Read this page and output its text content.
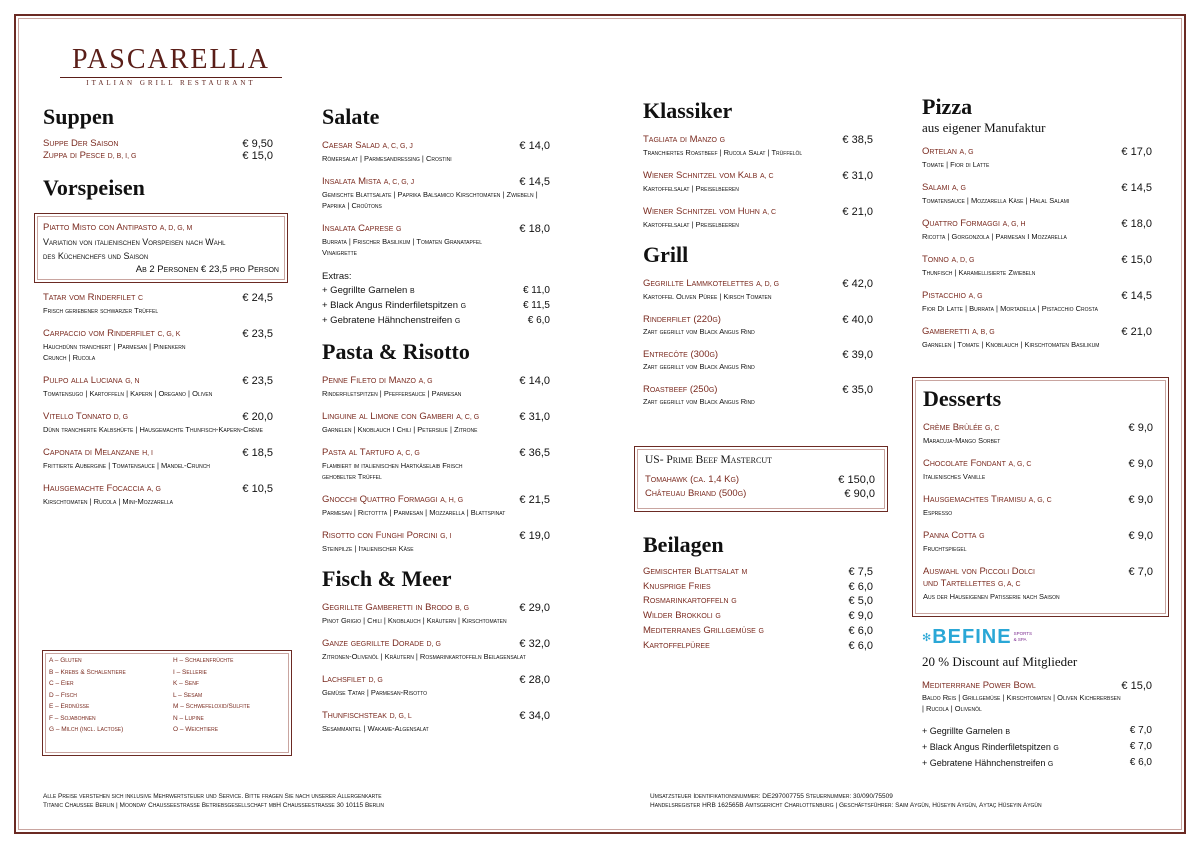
PASCARELLA
ITALIAN GRILL RESTAURANT
Suppen
Suppe Der Saison	€ 9,50
Zuppa di Pesce D, B, I, G	€ 15,0
Vorspeisen
Piatto Misto con Antipasto A, D, G, M
Variation von italienischen Vorspeisen nach Wahl
des Küchenchefs und Saison
Ab 2 Personen € 23,5 pro Person
Tatar vom Rinderfilet C	€ 24,5
Frisch geriebener schwarzer Trüffel
Carpaccio vom Rinderfilet C, G, K	€ 23,5
Hauchdünn tranchiert | Parmesan | Pinienkern Crunch | Rucola
Pulpo alla Luciana G, N	€ 23,5
Tomatensugo | Kartoffeln | Kapern | Oregano | Oliven
Vitello Tonnato D, G	€ 20,0
Dünn tranchierte Kalbshüfte | Hausgemachte Thunfisch-Kapern-Crème
Caponata di Melanzane H, I	€ 18,5
Frittierte Aubergine | Tomatensauce | Mandel-Crunch
Hausgemachte Focaccia A, G	€ 10,5
Kirschtomaten | Rucola | Mini-Mozzarella
A – Gluten
B – Krebs & Schalentiere
C – Eier
D – Fisch
E – Erdnüsse
F – Sojabohnen
G – Milch (incl. Lactose)
H – Schalenfrüchte
I – Sellerie
K – Senf
L – Sesam
M – Schwefeloxid/Sulfite
N – Lupine
O – Weichtiere
Salate
Caesar Salad A, C, G, J	€ 14,0
Römersalat | Parmesandressing | Crostini
Insalata Mista A, C, G, J	€ 14,5
Gemischte Blattsalate | Paprika Balsamico Kirschtomaten | Zwiebeln | Paprika | Croûtons
Insalata Caprese G	€ 18,0
Burrata | Frischer Basilikum | Tomaten Granatapfel Vinaigrette
Extras:
+ Gegrillte Garnelen B	€ 11,0
+ Black Angus Rinderfiletspitzen G	€ 11,5
+ Gebratene Hähnchenstreifen G	€ 6,0
Pasta & Risotto
Penne Fileto di Manzo A, G	€ 14,0
Rinderfiletspitzen | Pfeffersauce | Parmesan
Linguine al Limone con Gamberi A, C, G	€ 31,0
Garnelen | Knoblauch I Chili | Petersilie | Zitrone
Pasta al Tartufo A, C, G	€ 36,5
Flambiert im italienischen Hartkäselaib Frisch gehobelter Trüffel
Gnocchi Quattro Formaggi A, H, G	€ 21,5
Parmesan | Rictottta | Parmesan | Mozzarella | Blattspinat
Risotto con Funghi Porcini G, I	€ 19,0
Steinpilze | Italienischer Käse
Fisch & Meer
Gegrillte Gamberetti in Brodo B, G	€ 29,0
Pinot Grigio | Chili | Knoblauch | Kräutern | Kirschtomaten
Ganze gegrillte Dorade D, G	€ 32,0
Zitronen-Olivenöl | Kräutern | Rosmarinkartoffeln Beilagensalat
Lachsfilet D, G	€ 28,0
Gemüse Tatar | Parmesan-Risotto
Thunfischsteak D, G, L	€ 34,0
Sesammantel | Wakame-Algensalat
Klassiker
Tagliata di Manzo G	€ 38,5
Tranchiertes Roastbeef | Rucola Salat | Trüffelöl
Wiener Schnitzel vom Kalb A, C	€ 31,0
Kartoffelsalat | Preiselbeeren
Wiener Schnitzel vom Huhn A, C	€ 21,0
Kartoffelsalat | Preiselbeeren
Grill
Gegrillte Lammkotelettes A, D, G	€ 42,0
Kartoffel Oliven Püree | Kirsch Tomaten
Rinderfilet (220g)	€ 40,0
Zart gegrillt vom Black Angus Rind
Entrecôte (300g)	€ 39,0
Zart gegrillt vom Black Angus Rind
Roastbeef (250g)	€ 35,0
Zart gegrillt vom Black Angus Rind
US- Prime Beef Mastercut
Tomahawk (ca. 1,4 Kg)	€ 150,0
Châteuau Briand (500g)	€ 90,0
Beilagen
Gemischter Blattsalat M	€ 7,5
Knusprige Fries	€ 6,0
Rosmarinkartoffeln G	€ 5,0
Wilder Brokkoli G	€ 9,0
Mediterranes Grillgemüse G	€ 6,0
Kartoffelpüree	€ 6,0
Pizza
aus eigener Manufaktur
Ortelan A, G	€ 17,0
Tomate | Fior di Latte
Salami A, G	€ 14,5
Tomatensauce | Mozzarella Käse | Halal Salami
Quattro Formaggi A, G, H	€ 18,0
Ricotta | Gorgonzola | Parmesan I Mozzarella
Tonno A, D, G	€ 15,0
Thunfisch | Karamellisierte Zwiebeln
Pistacchio A, G	€ 14,5
Fior Di Latte | Burrata | Mortadella | Pistacchio Crosta
Gamberetti A, B, G	€ 21,0
Garnelen | Tomate | Knoblauch | Kirschtomaten Basilikum
Desserts
Crème Brûlée G, C	€ 9,0
Maracuja-Mango Sorbet
Chocolate Fondant A, G, C	€ 9,0
Italienisches Vanille
Hausgemachtes Tiramisu A, G, C	€ 9,0
Espresso
Panna Cotta G	€ 9,0
Fruchtspiegel
Auswahl von Piccoli Dolci
und Tartellettes G, A, C
€ 7,0
Aus der Hauseigenen Patisserie nach Saison
✻ BEFINE SPORTS & SPA
20 % Discount auf Mitglieder
Mediterrrane Power Bowl	€ 15,0
Baldo Reis | Grillgemüse | Kirschtomaten | Oliven Kichererbsen | Rucola | Olivenöl
+ Gegrillte Garnelen B	€ 7,0
+ Black Angus Rinderfiletspitzen G	€ 7,0
+ Gebratene Hähnchenstreifen G	€ 6,0
Alle Preise verstehen sich inklusive Mehrwertsteuer und Service. Bitte fragen Sie nach unserer Allergenkarte
Titanic Chaussee Berlin | Moonday Chausseestraße Betriebsgesellschaft mbH Chausseestraße 30 10115 Berlin
Umsatzsteuer Identifikationsnummer: DE297007755 Steuernummer: 30/090/75509
Handelsregister HRB 162565B Amtsgericht Charlottenburg | Geschäftsführer: Saim Aygün, Hüseyin Aygün, Aytaç Hüseyin Aygün
